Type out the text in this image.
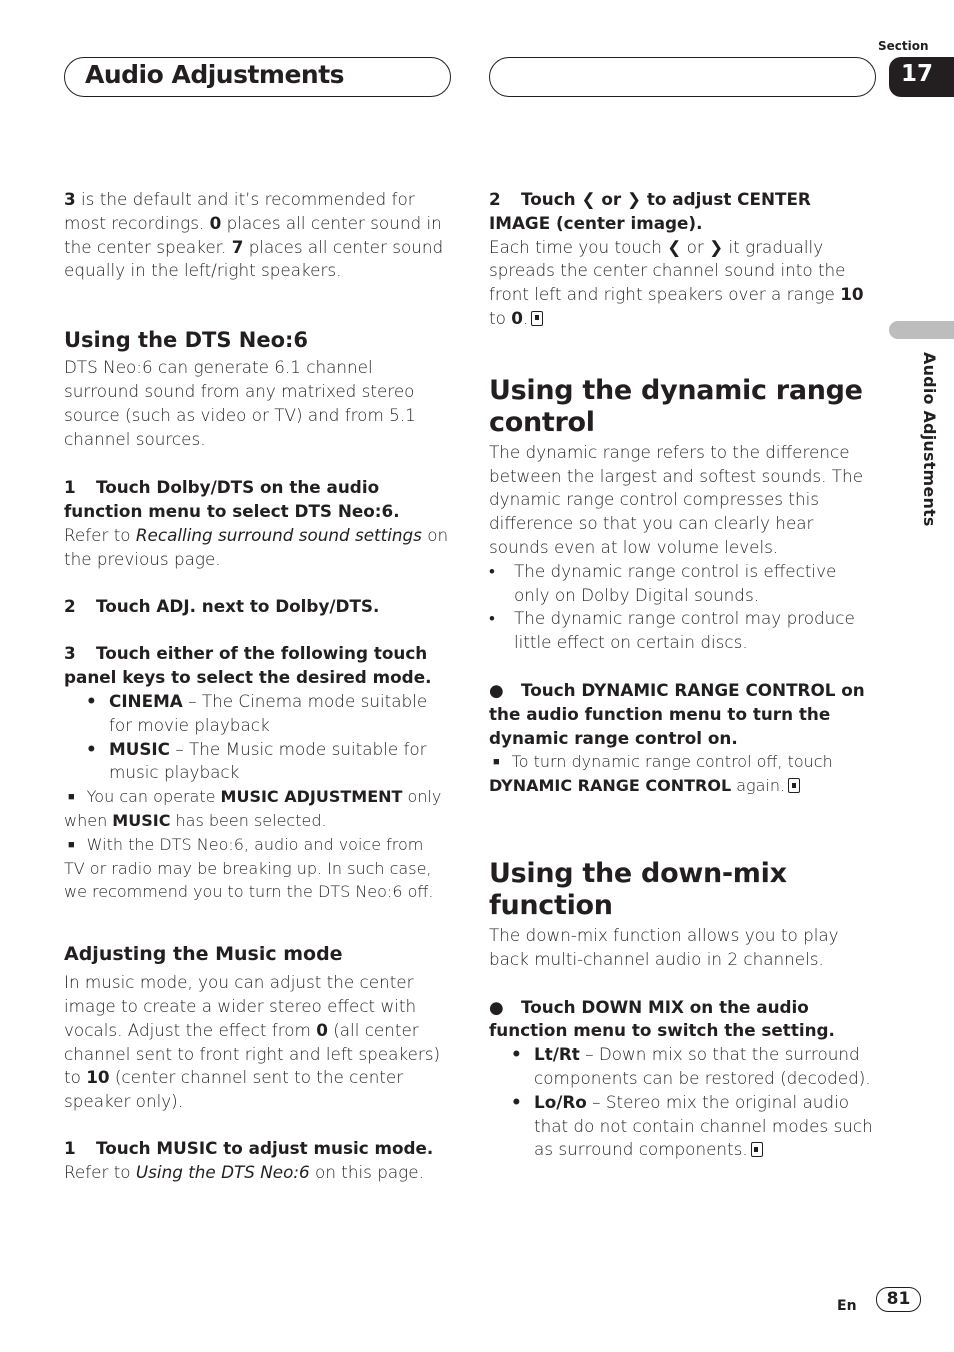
Audio Adjustments
Section
17
Audio Adjustments

3 is the default and it’s recommended for most recordings. 0 places all center sound in the center speaker. 7 places all center sound equally in the left/right speakers.

Using the DTS Neo:6

DTS Neo:6 can generate 6.1 channel surround sound from any matrixed stereo source (such as video or TV) and from 5.1 channel sources.

1 Touch Dolby/DTS on the audio function menu to select DTS Neo:6.

Refer to Recalling surround sound settings on the previous page.

2 Touch ADJ. next to Dolby/DTS.

3 Touch either of the following touch panel keys to select the desired mode.

• CINEMA – The Cinema mode suitable for movie playback

• MUSIC – The Music mode suitable for music playback

■ You can operate MUSIC ADJUSTMENT only when MUSIC has been selected.

■ With the DTS Neo:6, audio and voice from TV or radio may be breaking up. In such case, we recommend you to turn the DTS Neo:6 off.

Adjusting the Music mode

In music mode, you can adjust the center image to create a wider stereo effect with vocals. Adjust the effect from 0 (all center channel sent to front right and left speakers) to 10 (center channel sent to the center speaker only).

1 Touch MUSIC to adjust music mode.

Refer to Using the DTS Neo:6 on this page.

2 Touch ❮ or ❯ to adjust CENTER IMAGE (center image).

Each time you touch ❮ or ❯ it gradually spreads the center channel sound into the front left and right speakers over a range 10 to 0.

Using the dynamic range control

The dynamic range refers to the difference between the largest and softest sounds. The dynamic range control compresses this difference so that you can clearly hear sounds even at low volume levels.

• The dynamic range control is effective only on Dolby Digital sounds.

• The dynamic range control may produce little effect on certain discs.

● Touch DYNAMIC RANGE CONTROL on the audio function menu to turn the dynamic range control on.

■ To turn dynamic range control off, touch DYNAMIC RANGE CONTROL again.

Using the down-mix function

The down-mix function allows you to play back multi-channel audio in 2 channels.

● Touch DOWN MIX on the audio function menu to switch the setting.

• Lt/Rt – Down mix so that the surround components can be restored (decoded).

• Lo/Ro – Stereo mix the original audio that do not contain channel modes such as surround components.

En	81
